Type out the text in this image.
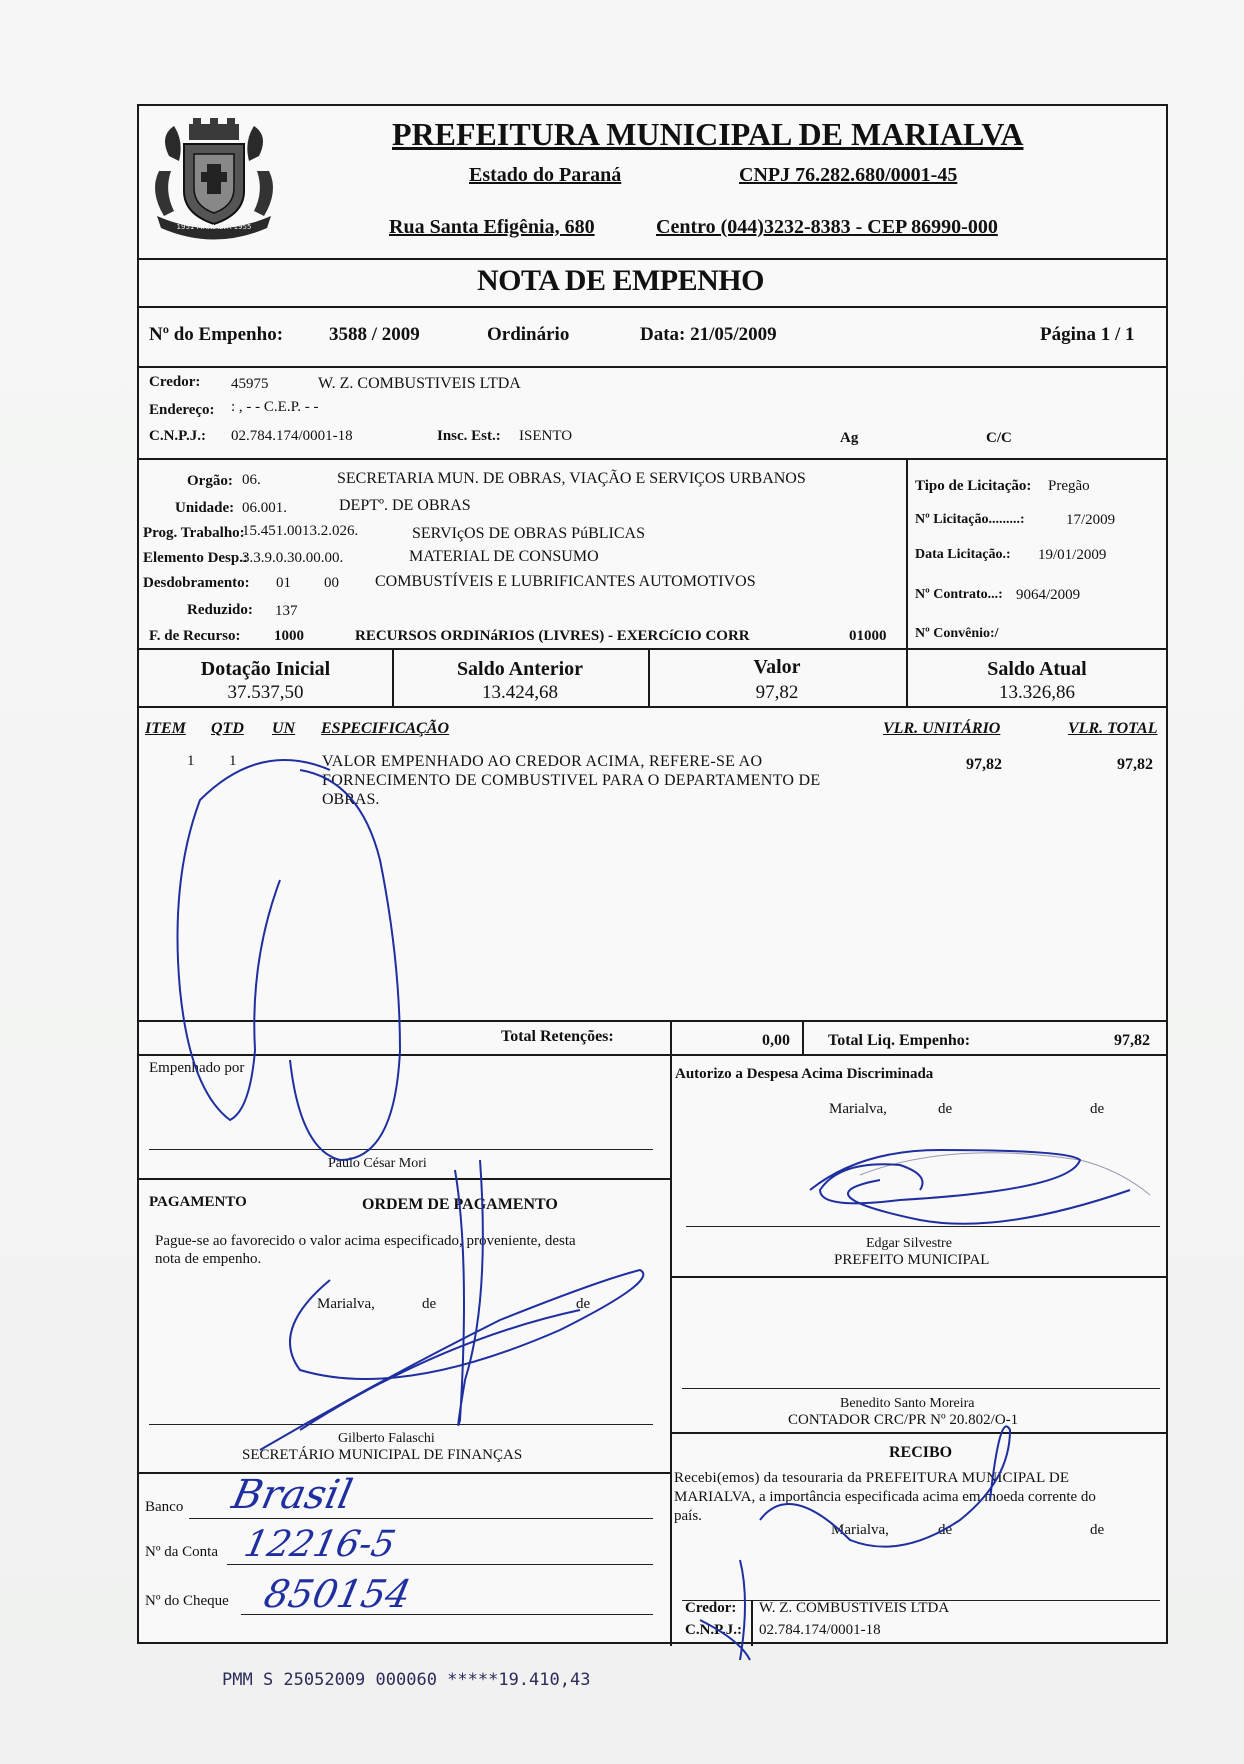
1951 MARIALVA 1955
PREFEITURA MUNICIPAL DE MARIALVA
Estado do Paraná	CNPJ 76.282.680/0001-45
Rua Santa Efigênia, 680	Centro (044)3232-8383 - CEP 86990-000
NOTA DE EMPENHO
Nº do Empenho: 3588 / 2009	Ordinário	Data: 21/05/2009	Página 1 / 1
Credor: 45975	W. Z. COMBUSTIVEIS LTDA
Endereço: : , - - C.E.P. - -
C.N.P.J.: 02.784.174/0001-18	Insc. Est.: ISENTO	Ag	C/C
Orgão: 06.	SECRETARIA MUN. DE OBRAS, VIAÇÃO E SERVIÇOS URBANOS
Unidade: 06.001.	DEPTº. DE OBRAS
Prog. Trabalho:
15.451.0013.2.026.	SERVIçOS DE OBRAS PúBLICAS
Elemento Desp.:
3.3.9.0.30.00.00.	MATERIAL DE CONSUMO
Desdobramento: 01 00 COMBUSTÍVEIS E LUBRIFICANTES AUTOMOTIVOS
Reduzido: 137
F. de Recurso: 1000	RECURSOS ORDINáRIOS (LIVRES) - EXERCíCIO CORR	01000
Tipo de Licitação: Pregão
Nº Licitação.........:	17/2009
Data Licitação.: 19/01/2009
Nº Contrato...: 9064/2009
Nº Convênio:/
Dotação Inicial
37.537,50
Saldo Anterior
13.424,68
Valor
97,82
Saldo Atual
13.326,86
ITEM QTD UN ESPECIFICAÇÃO	VLR. UNITÁRIO	VLR. TOTAL
1 1	VALOR EMPENHADO AO CREDOR ACIMA, REFERE-SE AO
FORNECIMENTO DE COMBUSTIVEL PARA O DEPARTAMENTO DE
OBRAS.
97,82	97,82
Total Retenções:	0,00 Total Liq. Empenho:	97,82
Empenhado por
Paulo César Mori
Autorizo a Despesa Acima Discriminada
Marialva,	de	de
Edgar Silvestre
PREFEITO MUNICIPAL
Benedito Santo Moreira
CONTADOR CRC/PR Nº 20.802/O-1
PAGAMENTO	ORDEM DE PAGAMENTO
Pague-se ao favorecido o valor acima especificado, proveniente, desta
nota de empenho.
Marialva,	de	de
Gilberto Falaschi
SECRETÁRIO MUNICIPAL DE FINANÇAS
Banco
Nº da Conta
Nº do Cheque
Brasil
12216-5
850154
RECIBO
Recebi(emos) da tesouraria da PREFEITURA MUNICIPAL DE
MARIALVA, a importância especificada acima em moeda corrente do
país.
Marialva,	de	de
Credor: W. Z. COMBUSTIVEIS LTDA
C.N.P.J.: 02.784.174/0001-18
PMM S 25052009 000060 *****19.410,43
